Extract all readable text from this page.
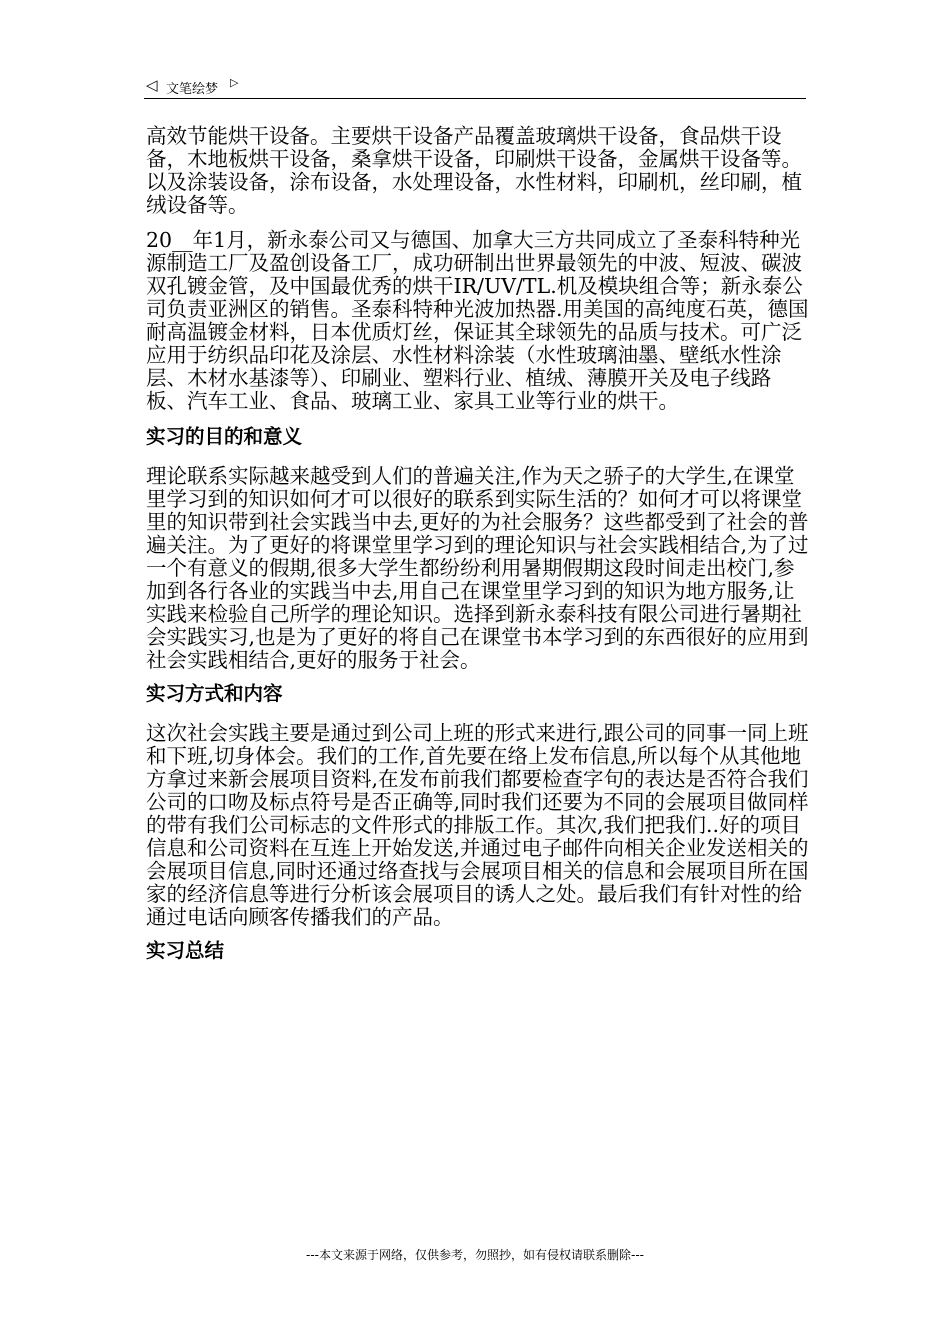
◁ 文笔绘梦 ▷

高效节能烘干设备。主要烘干设备产品覆盖玻璃烘干设备，食品烘干设备，木地板烘干设备，桑拿烘干设备，印刷烘干设备，金属烘干设备等。以及涂装设备，涂布设备，水处理设备，水性材料，印刷机，丝印刷，植绒设备等。

20__年1月，新永泰公司又与德国、加拿大三方共同成立了圣泰科特种光源制造工厂及盈创设备工厂，成功研制出世界最领先的中波、短波、碳波双孔镀金管，及中国最优秀的烘干IR/UV/TL.机及模块组合等；新永泰公司负责亚洲区的销售。圣泰科特种光波加热器.用美国的高纯度石英，德国耐高温镀金材料，日本优质灯丝，保证其全球领先的品质与技术。可广泛应用于纺织品印花及涂层、水性材料涂装（水性玻璃油墨、壁纸水性涂层、木材水基漆等）、印刷业、塑料行业、植绒、薄膜开关及电子线路板、汽车工业、食品、玻璃工业、家具工业等行业的烘干。

实习的目的和意义

理论联系实际越来越受到人们的普遍关注,作为天之骄子的大学生,在课堂里学习到的知识如何才可以很好的联系到实际生活的？如何才可以将课堂里的知识带到社会实践当中去,更好的为社会服务？这些都受到了社会的普遍关注。为了更好的将课堂里学习到的理论知识与社会实践相结合,为了过一个有意义的假期,很多大学生都纷纷利用暑期假期这段时间走出校门,参加到各行各业的实践当中去,用自己在课堂里学习到的知识为地方服务,让实践来检验自己所学的理论知识。选择到新永泰科技有限公司进行暑期社会实践实习,也是为了更好的将自己在课堂书本学习到的东西很好的应用到社会实践相结合,更好的服务于社会。

实习方式和内容

这次社会实践主要是通过到公司上班的形式来进行,跟公司的同事一同上班和下班,切身体会。我们的工作,首先要在络上发布信息,所以每个从其他地方拿过来新会展项目资料,在发布前我们都要检查字句的表达是否符合我们公司的口吻及标点符号是否正确等,同时我们还要为不同的会展项目做同样的带有我们公司标志的文件形式的排版工作。其次,我们把我们..好的项目信息和公司资料在互连上开始发送,并通过电子邮件向相关企业发送相关的会展项目信息,同时还通过络查找与会展项目相关的信息和会展项目所在国家的经济信息等进行分析该会展项目的诱人之处。最后我们有针对性的给通过电话向顾客传播我们的产品。

实习总结
---本文来源于网络，仅供参考，勿照抄，如有侵权请联系删除---
